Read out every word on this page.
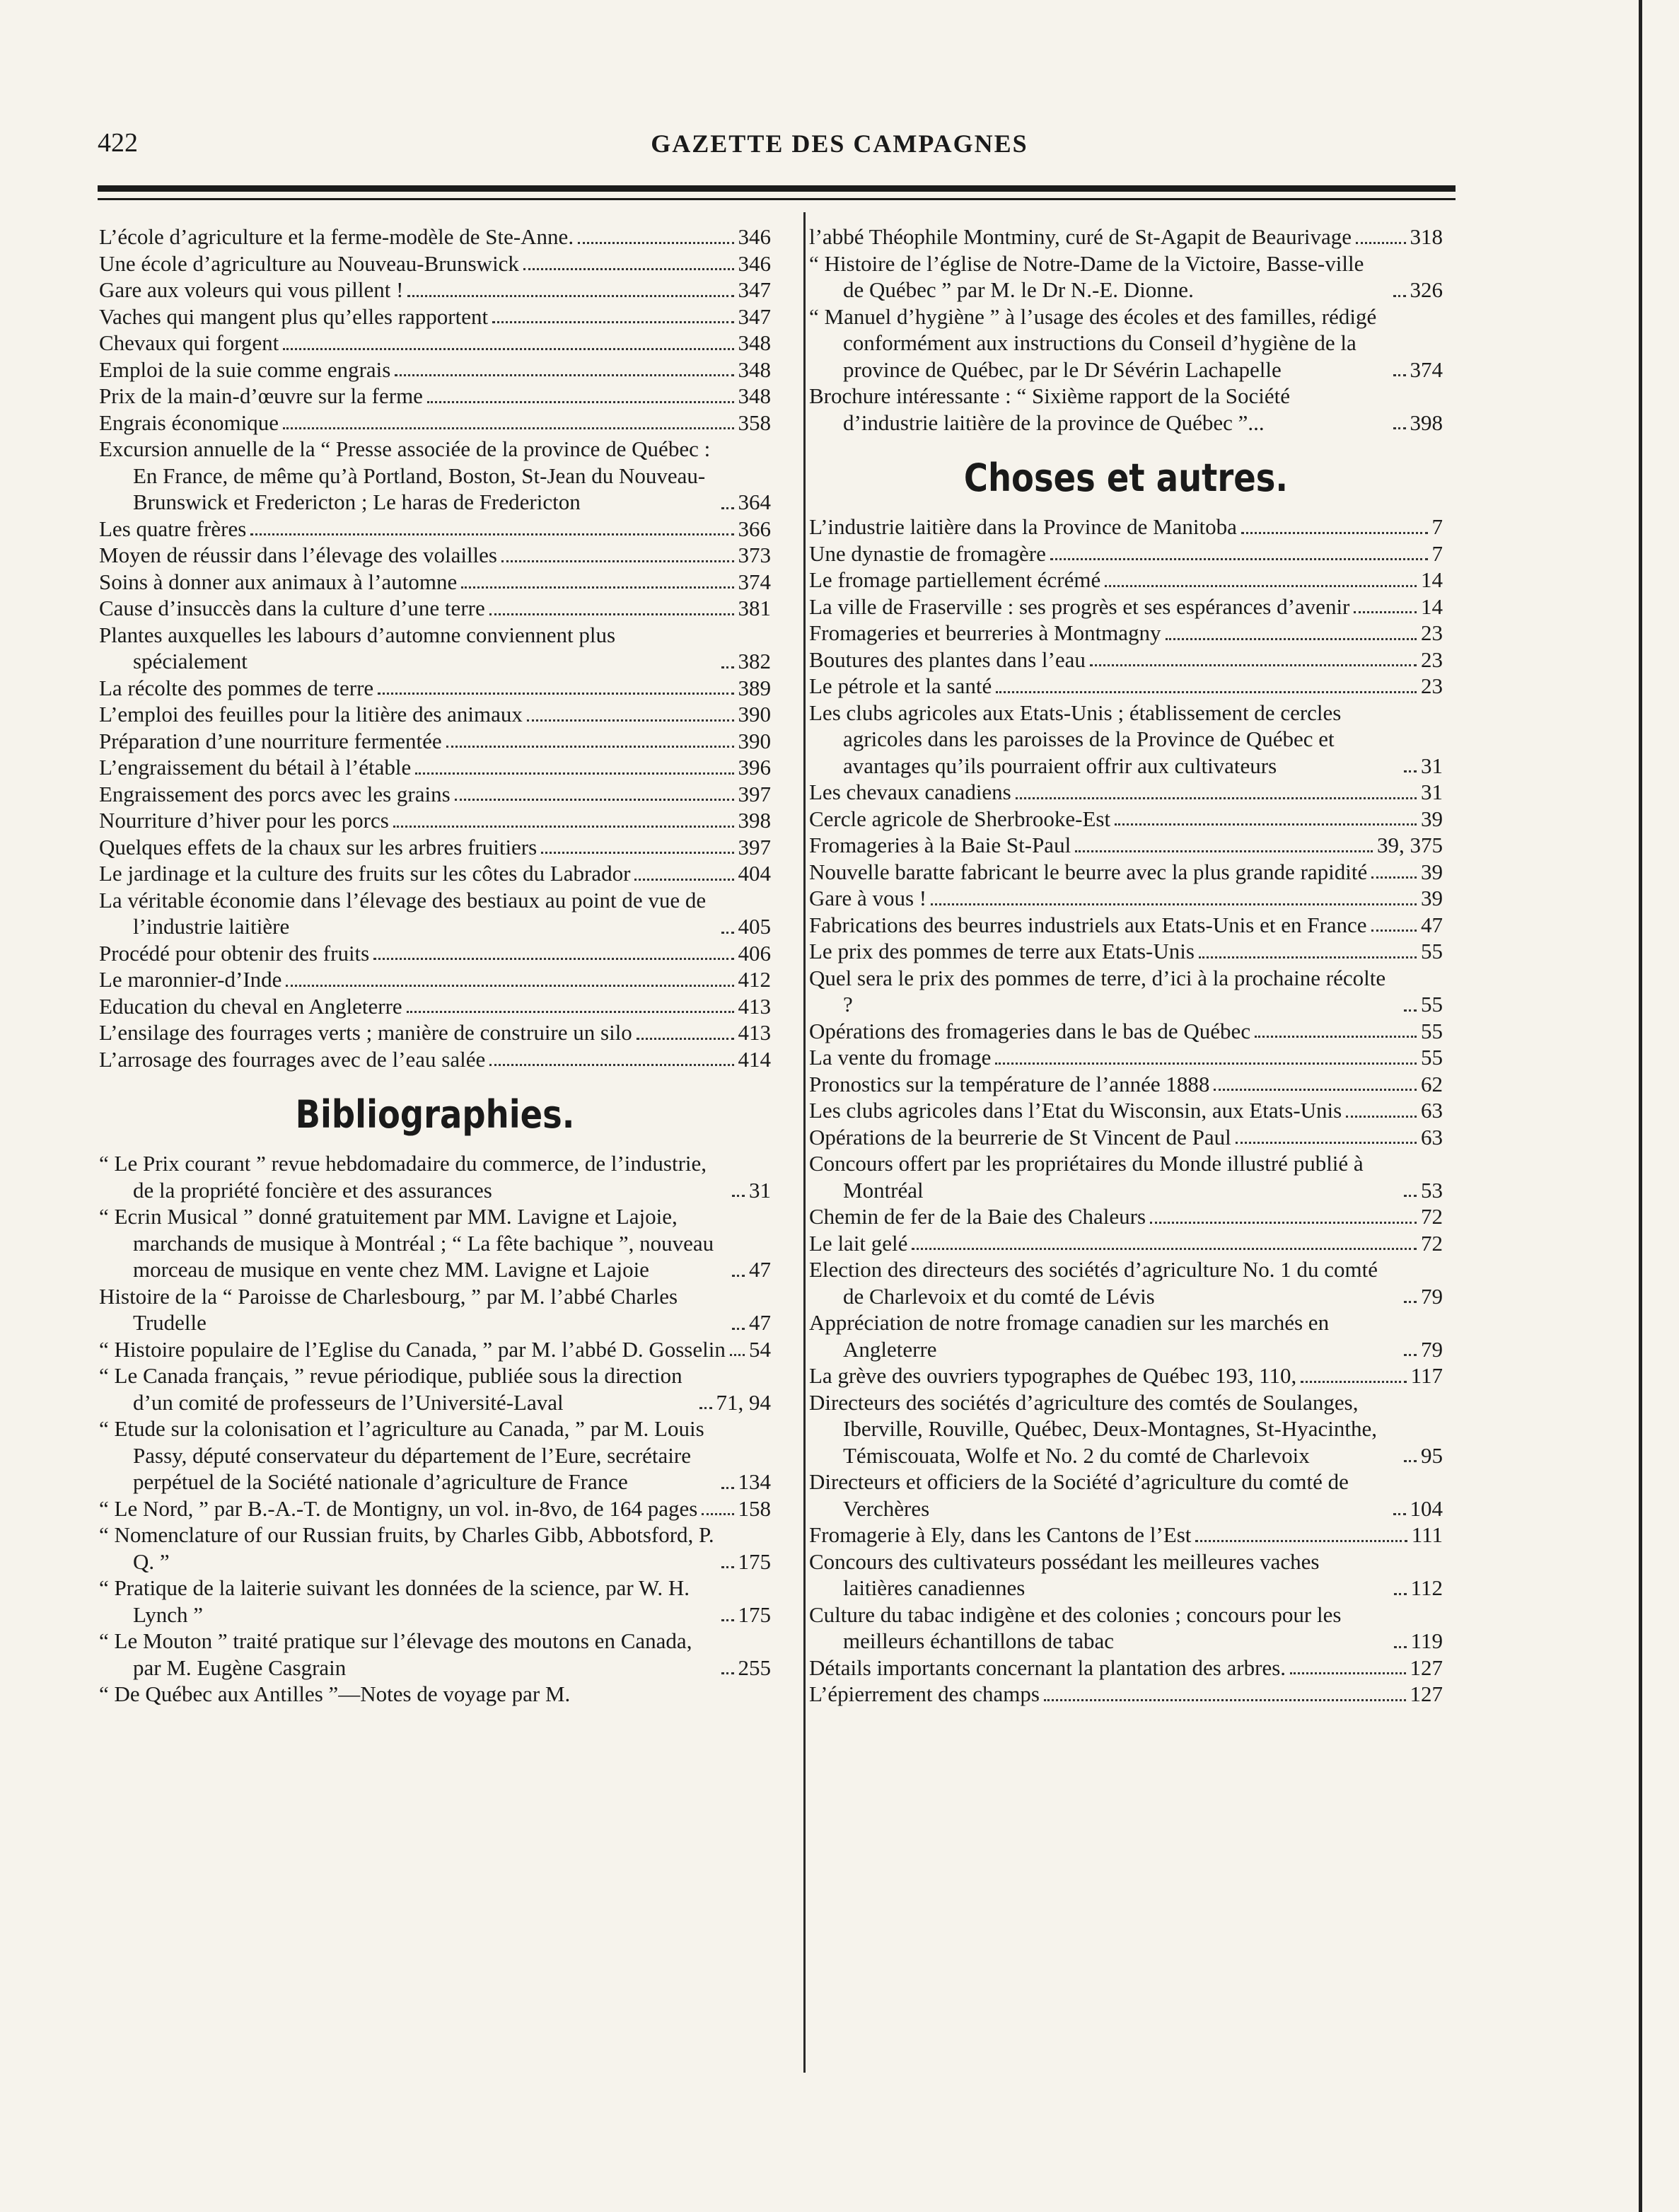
422	GAZETTE DES CAMPAGNES
L’école d’agriculture et la ferme-modèle de Ste-Anne.	346
Une école d’agriculture au Nouveau-Brunswick	346
Gare aux voleurs qui vous pillent !	347
Vaches qui mangent plus qu’elles rapportent	347
Chevaux qui forgent	348
Emploi de la suie comme engrais	348
Prix de la main-d’œuvre sur la ferme	348
Engrais économique	358
Excursion annuelle de la “ Presse associée de la province de Québec : En France, de même qu’à Portland, Boston, St-Jean du Nouveau-Brunswick et Fredericton ; Le haras de Fredericton	364
Les quatre frères	366
Moyen de réussir dans l’élevage des volailles	373
Soins à donner aux animaux à l’automne	374
Cause d’insuccès dans la culture d’une terre	381
Plantes auxquelles les labours d’automne conviennent plus spécialement	382
La récolte des pommes de terre	389
L’emploi des feuilles pour la litière des animaux	390
Préparation d’une nourriture fermentée	390
L’engraissement du bétail à l’étable	396
Engraissement des porcs avec les grains	397
Nourriture d’hiver pour les porcs	398
Quelques effets de la chaux sur les arbres fruitiers	397
Le jardinage et la culture des fruits sur les côtes du Labrador	404
La véritable économie dans l’élevage des bestiaux au point de vue de l’industrie laitière	405
Procédé pour obtenir des fruits	406
Le maronnier-d’Inde	412
Education du cheval en Angleterre	413
L’ensilage des fourrages verts ; manière de construire un silo	413
L’arrosage des fourrages avec de l’eau salée	414
Bibliographies.
“ Le Prix courant ” revue hebdomadaire du commerce, de l’industrie, de la propriété foncière et des assurances	31
“ Ecrin Musical ” donné gratuitement par MM. Lavigne et Lajoie, marchands de musique à Montréal ; “ La fête bachique ”, nouveau morceau de musique en vente chez MM. Lavigne et Lajoie	47
Histoire de la “ Paroisse de Charlesbourg, ” par M. l’abbé Charles Trudelle	47
“ Histoire populaire de l’Eglise du Canada, ” par M. l’abbé D. Gosselin 54
“ Le Canada français, ” revue périodique, publiée sous la direction d’un comité de professeurs de l’Université-Laval	71, 94
“ Etude sur la colonisation et l’agriculture au Canada, ” par M. Louis Passy, député conservateur du département de l’Eure, secrétaire perpétuel de la Société nationale d’agriculture de France	134
“ Le Nord, ” par B.-A.-T. de Montigny, un vol. in-8vo, de 164 pages 158
“ Nomenclature of our Russian fruits, by Charles Gibb, Abbotsford, P. Q. ”	175
“ Pratique de la laiterie suivant les données de la science, par W. H. Lynch ”	175
“ Le Mouton ” traité pratique sur l’élevage des moutons en Canada, par M. Eugène Casgrain	255
“ De Québec aux Antilles ”—Notes de voyage par M.
l’abbé Théophile Montminy, curé de St-Agapit de Beaurivage	318
“ Histoire de l’église de Notre-Dame de la Victoire, Basse-ville de Québec ” par M. le Dr N.-E. Dionne.	326
“ Manuel d’hygiène ” à l’usage des écoles et des familles, rédigé conformément aux instructions du Conseil d’hygiène de la province de Québec, par le Dr Sévérin Lachapelle	374
Brochure intéressante : “ Sixième rapport de la Société d’industrie laitière de la province de Québec ”...	398
Choses et autres.
L’industrie laitière dans la Province de Manitoba	7
Une dynastie de fromagère	7
Le fromage partiellement écrémé	14
La ville de Fraserville : ses progrès et ses espérances d’avenir	14
Fromageries et beurreries à Montmagny	23
Boutures des plantes dans l’eau	23
Le pétrole et la santé	23
Les clubs agricoles aux Etats-Unis ; établissement de cercles agricoles dans les paroisses de la Province de Québec et avantages qu’ils pourraient offrir aux cultivateurs	31
Les chevaux canadiens	31
Cercle agricole de Sherbrooke-Est	39
Fromageries à la Baie St-Paul	39, 375
Nouvelle baratte fabricant le beurre avec la plus grande rapidité 39
Gare à vous !	39
Fabrications des beurres industriels aux Etats-Unis et en France 47
Le prix des pommes de terre aux Etats-Unis	55
Quel sera le prix des pommes de terre, d’ici à la prochaine récolte ?	55
Opérations des fromageries dans le bas de Québec	55
La vente du fromage	55
Pronostics sur la température de l’année 1888	62
Les clubs agricoles dans l’Etat du Wisconsin, aux Etats-Unis	63
Opérations de la beurrerie de St Vincent de Paul	63
Concours offert par les propriétaires du Monde illustré publié à Montréal	53
Chemin de fer de la Baie des Chaleurs	72
Le lait gelé	72
Election des directeurs des sociétés d’agriculture No. 1 du comté de Charlevoix et du comté de Lévis	79
Appréciation de notre fromage canadien sur les marchés en Angleterre	79
La grève des ouvriers typographes de Québec 193, 110,	117
Directeurs des sociétés d’agriculture des comtés de Soulanges, Iberville, Rouville, Québec, Deux-Montagnes, St-Hyacinthe, Témiscouata, Wolfe et No. 2 du comté de Charlevoix	95
Directeurs et officiers de la Société d’agriculture du comté de Verchères	104
Fromagerie à Ely, dans les Cantons de l’Est	111
Concours des cultivateurs possédant les meilleures vaches laitières canadiennes	112
Culture du tabac indigène et des colonies ; concours pour les meilleurs échantillons de tabac	119
Détails importants concernant la plantation des arbres.	127
L’épierrement des champs	127
